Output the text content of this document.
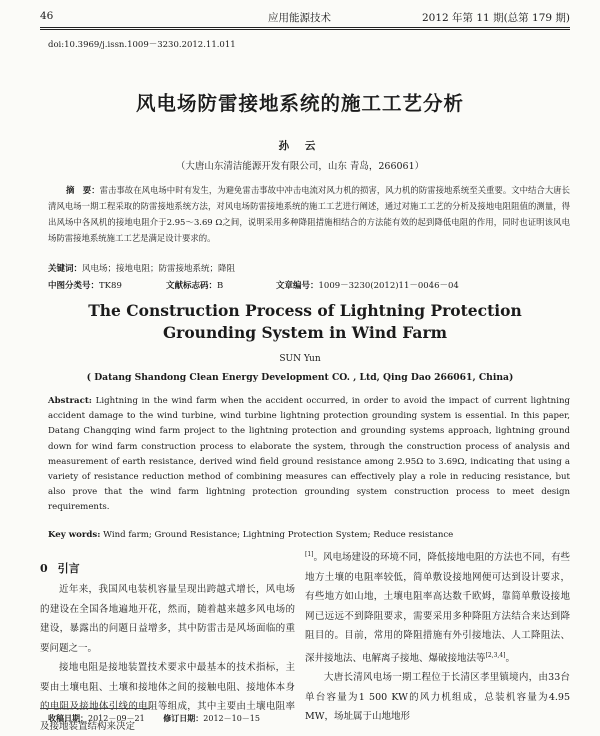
46	应用能源技术	2012 年第 11 期(总第 179 期)
doi:10.3969/j.issn.1009－3230.2012.11.011
风电场防雷接地系统的施工工艺分析
孙 云
（大唐山东清洁能源开发有限公司，山东 青岛，266061）
摘　要：雷击事故在风电场中时有发生，为避免雷击事故中冲击电流对风力机的损害，风力机的防雷接地系统至关重要。文中结合大唐长清风电场一期工程采取的防雷接地系统方法，对风电场防雷接地系统的施工工艺进行阐述，通过对施工工艺的分析及接地电阻阻值的测量，得出风场中各风机的接地电阻介于2.95～3.69 Ω之间，说明采用多种降阻措施相结合的方法能有效的起到降低电阻的作用，同时也证明该风电场防雷接地系统施工工艺是满足设计要求的。
关键词：风电场；接地电阻；防雷接地系统；降阻
中图分类号：TK89	文献标志码：B	文章编号：1009－3230(2012)11－0046－04
The Construction Process of Lightning Protection Grounding System in Wind Farm
SUN Yun
( Datang Shandong Clean Energy Development CO. , Ltd, Qing Dao 266061, China)
Abstract: Lightning in the wind farm when the accident occurred, in order to avoid the impact of current lightning accident damage to the wind turbine, wind turbine lightning protection grounding system is essential. In this paper, Datang Changqing wind farm project to the lightning protection and grounding systems approach, lightning ground down for wind farm construction process to elaborate the system, through the construction process of analysis and measurement of earth resistance, derived wind field ground resistance among 2.95Ω to 3.69Ω, indicating that using a variety of resistance reduction method of combining measures can effectively play a role in reducing resistance, but also prove that the wind farm lightning protection grounding system construction process to meet design requirements.
Key words: Wind farm; Ground Resistance; Lightning Protection System; Reduce resistance
0 引言

近年来，我国风电装机容量呈现出跨越式增长，风电场的建设在全国各地遍地开花，然而，随着越来越多风电场的建设，暴露出的问题日益增多，其中防雷击是风场面临的重要问题之一。

接地电阻是接地装置技术要求中最基本的技术指标，主要由土壤电阻、土壤和接地体之间的接触电阻、接地体本身的电阻及接地体引线的电阻等组成，其中主要由土壤电阻率及接地装置结构来决定

[1]。风电场建设的环境不同，降低接地电阻的方法也不同，有些地方土壤的电阻率较低，简单敷设接地网便可达到设计要求，有些地方如山地，土壤电阻率高达数千欧姆，靠简单敷设接地网已远远不到降阻要求，需要采用多种降阻方法结合来达到降阻目的。目前，常用的降阻措施有外引接地法、人工降阻法、深井接地法、电解离子接地、爆破接地法等[2,3,4]。

大唐长清风电场一期工程位于长清区孝里镇境内，由33台单台容量为1 500 KW的风力机组成，总装机容量为4.95 MW，场址属于山地地形

收稿日期：2012－09－21 修订日期：2012－10－15
